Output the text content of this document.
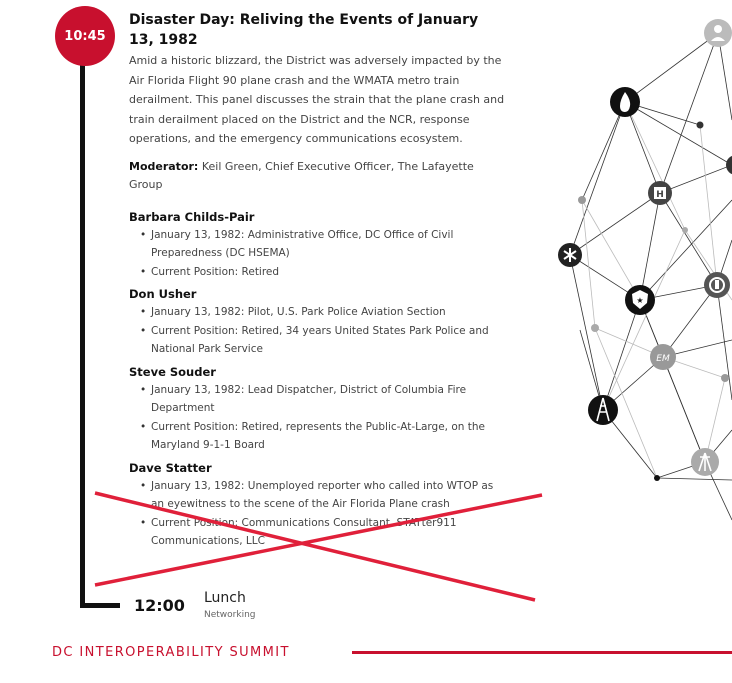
10:45
Disaster Day: Reliving the Events of January 13, 1982
Amid a historic blizzard, the District was adversely impacted by the Air Florida Flight 90 plane crash and the WMATA metro train derailment. This panel discusses the strain that the plane crash and train derailment placed on the District and the NCR, response operations, and the emergency communications ecosystem.
Moderator: Keil Green, Chief Executive Officer, The Lafayette Group
Barbara Childs-Pair
• January 13, 1982: Administrative Office, DC Office of Civil Preparedness (DC HSEMA)
• Current Position: Retired
Don Usher
• January 13, 1982: Pilot, U.S. Park Police Aviation Section
• Current Position: Retired, 34 years United States Park Police and National Park Service
Steve Souder
• January 13, 1982: Lead Dispatcher, District of Columbia Fire Department
• Current Position: Retired, represents the Public-At-Large, on the Maryland 9-1-1 Board
Dave Statter
• January 13, 1982: Unemployed reporter who called into WTOP as an eyewitness to the scene of the Air Florida Plane crash
• Current Position: Communications Consultant, STATter911 Communications, LLC
12:00 Lunch
Networking
DC INTEROPERABILITY SUMMIT
H
★
EM
